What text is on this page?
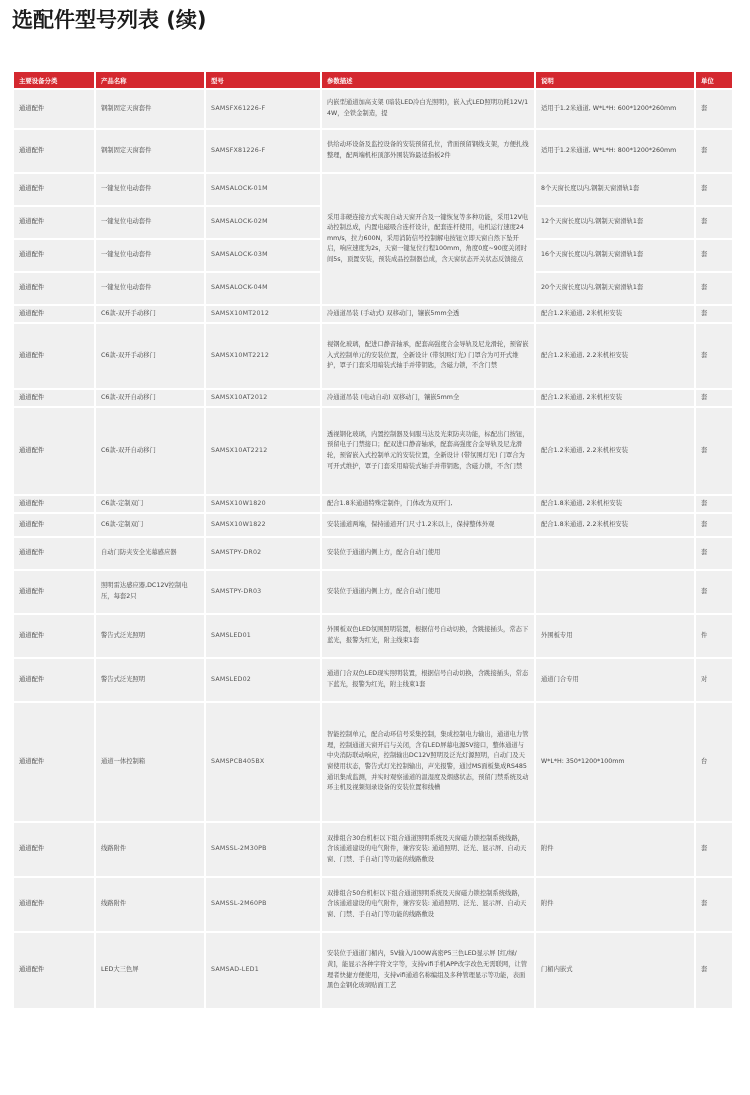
选配件型号列表 (续)
主要设备分类	产品名称	型号	参数描述	说明	单位
通道配件	钢制固定天窗套件	SAMSFX61226-F	内嵌型通道加高支架 (暗装LED冷白光照明)，嵌入式LED照明功耗12V/14W，全铁金制造，提	适用于1.2米通道, W*L*H: 600*1200*260mm	套
通道配件	钢制固定天窗套件	SAMSFX81226-F	供给动环设备及监控设备的安装预留孔位，背面预留钢线支架，方便扎线整理，配两端机柜顶部外围装饰最适指板2件	适用于1.2米通道, W*L*H: 800*1200*260mm	套
通道配件	一键复位电动套件	SAMSALOCK-01M	采用非硬连接方式实现自动天窗开合及一键恢复等多种功能，采用12V电动控制总成，内置电磁吸合连杆设计，配套连杆使用，电机运行速度24mm/s，拉力600N，采用消防信号控制解电按钮立即天窗自然下坠开启，响应速度为2s，天窗一键复位行程100mm，角度0度~90度关闭时间5s，顶置安装，预装成品控制器总成，含天窗状态开关状态反馈接点	8个天窗长度以内,钢制天窗滑轨1套	套
通道配件	一键复位电动套件	SAMSALOCK-02M		12个天窗长度以内,钢制天窗滑轨1套	套
通道配件	一键复位电动套件	SAMSALOCK-03M		16个天窗长度以内,钢制天窗滑轨1套	套
通道配件	一键复位电动套件	SAMSALOCK-04M		20个天窗长度以内,钢制天窗滑轨1套	套
通道配件	C6款-双开手动移门	SAMSX10MT2012	冷通道吊装 (手动式) 双移动门，镶嵌5mm全透	配合1.2米通道, 2米机柜安装	套
通道配件	C6款-双开手动移门	SAMSX10MT2212	视钢化玻璃，配进口静音轴承，配套高强度合金导轨及尼龙滑轮，预留嵌入式控制单元的安装位置，全新设计 (带氛围灯光) 门罩合为可开式维护，罩子门套采用暗装式轴手并带钥匙，含磁力锁，不含门禁	配合1.2米通道, 2.2米机柜安装	套
通道配件	C6款-双开自动移门	SAMSX10AT2012	冷通道吊装 (电动自动) 双移动门，镶嵌5mm全	配合1.2米通道, 2米机柜安装	套
通道配件	C6款-双开自动移门	SAMSX10AT2212	透视钢化玻璃，内置控制器及伺服马达及光束防夹功能，标配出门按钮，预留电子门禁接口；配双进口静音轴承，配套高强度合金导轨及尼龙滑轮，预留嵌入式控制单元的安装位置，全新设计 (带氛围灯光) 门罩合为可开式维护，罩子门套采用暗装式轴手并带钥匙，含磁力锁，不含门禁	配合1.2米通道, 2.2米机柜安装	套
通道配件	C6款-定制双门	SAMSX10W1820	配合1.8米通道特殊定制件，门体改为双开门,	配合1.8米通道, 2米机柜安装	套
通道配件	C6款-定制双门	SAMSX10W1822	安装通道两端，保持通道开门尺寸1.2米以上，保持整体外观	配合1.8米通道, 2.2米机柜安装	套
通道配件	自动门防夹安全光幕感应器	SAMSTPY-DR02	安装位于通道内侧上方，配合自动门使用		套
通道配件	照明雷达感应器,DC12V控制电压，每套2只	SAMSTPY-DR03	安装位于通道内侧上方，配合自动门使用		套
通道配件	警告式泛光照明	SAMSLED01	外围板双色LED氛围照明装置，根据信号自动切换，含跳接插头，常态下蓝光，报警为红光，附主线束1套	外围板专用	件
通道配件	警告式泛光照明	SAMSLED02	通道门合双色LED现实照明装置，根据信号自动切换，含跳接插头，常态下蓝光，报警为红光，附主线束1套	通道门合专用	对
通道配件	通道一体控制箱	SAMSPCB405BX	智能控制单元，配合动环信号采集控制，集成控制电力输出，通道电力管理，控制通道天窗开启与关闭，含有LED屏幕电源5V接口，整体通道与中央消防联动响应，控制输出DC12V照明及泛光灯源照明，自动门及天窗使用状态，警告式灯光控制输出，声光报警，通过MS面板集成RS485通讯集成监测，并实时观察通道的温湿度及烟感状态，预留门禁系统及动环主机及视频刻录设备的安装位置和线槽	W*L*H: 350*1200*100mm	台
通道配件	线路附件	SAMSSL-2M30PB	双排组合30台机柜以下组合通道照明系统及天窗磁力锁控制系统线路，含该通道建设的电气附件，兼容安装: 通道照明、泛光、显示屏、自动天窗、门禁、手自动门等功能的线路敷设	附件	套
通道配件	线路附件	SAMSSL-2M60PB	双排组合50台机柜以下组合通道照明系统及天窗磁力锁控制系统线路，含该通道建设的电气附件，兼容安装: 通道照明、泛光、显示屏、自动天窗、门禁、手自动门等功能的线路敷设	附件	套
通道配件	LED大三色屏	SAMSAD-LED1	安装位于通道门楣内，5V输入/100W高密P5三色LED显示屏 [红/绿/黄]，能显示各种字符文字等，支持vifi手机APP改字改色无需联网，让管理者快捷方便使用，支持vifi通道名称编组及多种管理显示等功能，表面黑色金钢化玻璃贴面工艺	门楣内嵌式	套
